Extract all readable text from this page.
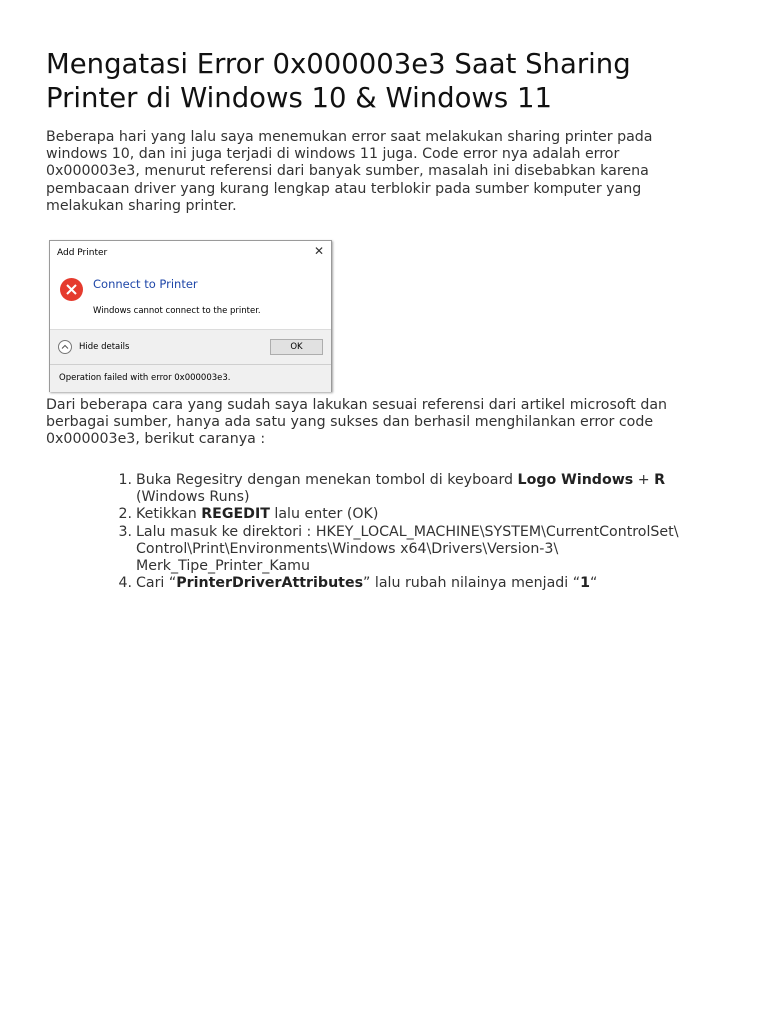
Mengatasi Error 0x000003e3 Saat Sharing Printer di Windows 10 & Windows 11

Beberapa hari yang lalu saya menemukan error saat melakukan sharing printer pada windows 10, dan ini juga terjadi di windows 11 juga. Code error nya adalah error 0x000003e3, menurut referensi dari banyak sumber, masalah ini disebabkan karena pembacaan driver yang kurang lengkap atau terblokir pada sumber komputer yang melakukan sharing printer.

Dari beberapa cara yang sudah saya lakukan sesuai referensi dari artikel microsoft dan berbagai sumber, hanya ada satu yang sukses dan berhasil menghilankan error code 0x000003e3, berikut caranya :

1. Buka Regesitry dengan menekan tombol di keyboard Logo Windows + R (Windows Runs)
2. Ketikkan REGEDIT lalu enter (OK)
3. Lalu masuk ke direktori : HKEY_LOCAL_MACHINE\SYSTEM\CurrentControlSet\
Control\Print\Environments\Windows x64\Drivers\Version-3\
Merk_Tipe_Printer_Kamu
4. Cari “PrinterDriverAttributes” lalu rubah nilainya menjadi “1“
Add Printer	✕
Connect to Printer
Windows cannot connect to the printer.
Hide details	OK
Operation failed with error 0x000003e3.
